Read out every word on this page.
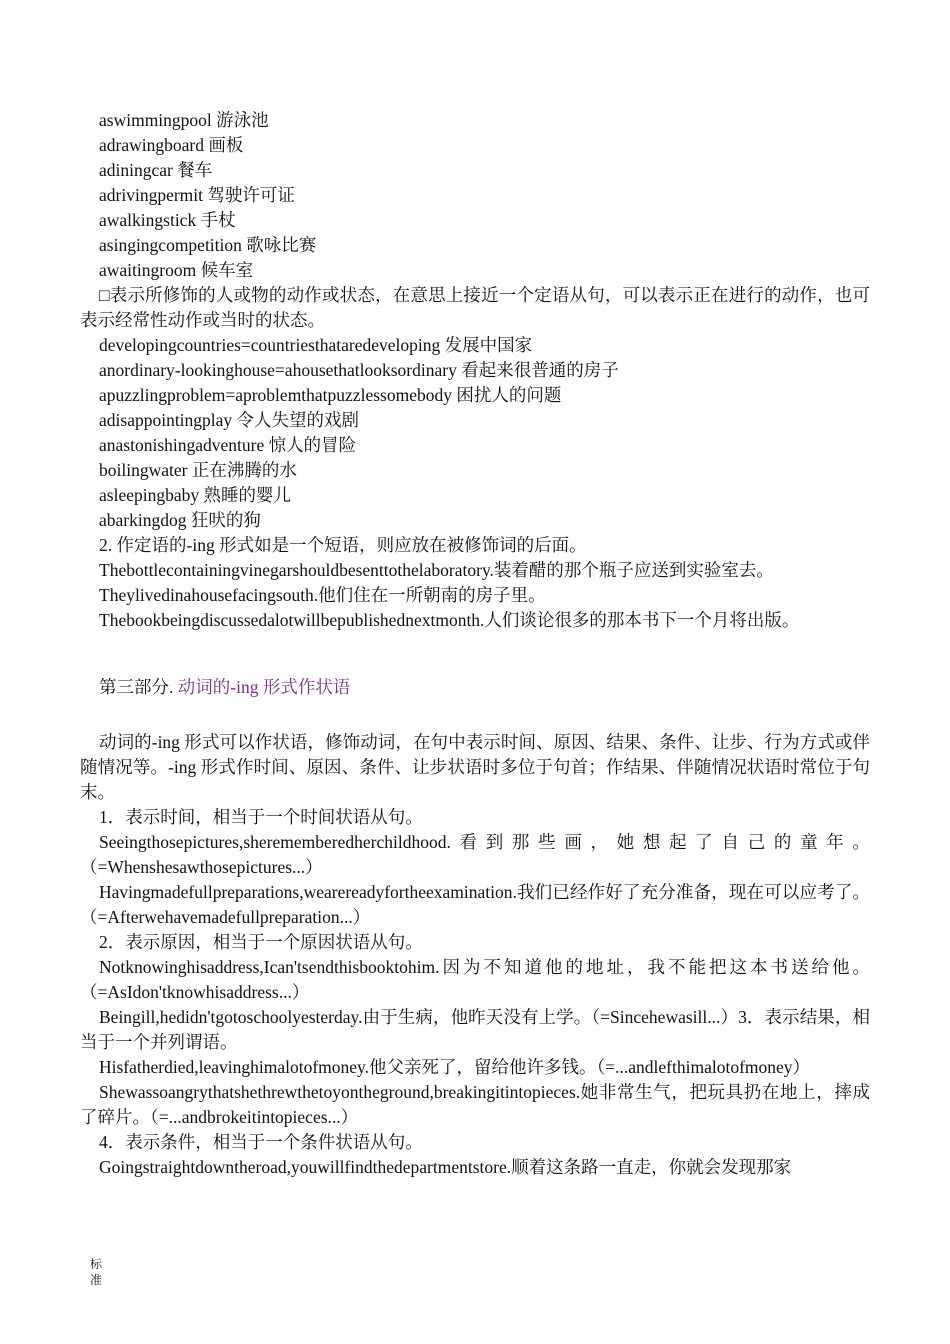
aswimmingpool 游泳池
adrawingboard 画板
adiningcar 餐车
adrivingpermit 驾驶许可证
awalkingstick 手杖
asingingcompetition 歌咏比赛
awaitingroom 候车室
□表示所修饰的人或物的动作或状态，在意思上接近一个定语从句，可以表示正在进行的动作，也可表示经常性动作或当时的状态。
developingcountries=countriesthataredeveloping 发展中国家
anordinary-lookinghouse=ahousethatlooksordinary 看起来很普通的房子
apuzzlingproblem=aproblemthatpuzzlessomebody 困扰人的问题
adisappointingplay 令人失望的戏剧
anastonishingadventure 惊人的冒险
boilingwater 正在沸腾的水
asleepingbaby 熟睡的婴儿
abarkingdog 狂吠的狗
2. 作定语的-ing 形式如是一个短语，则应放在被修饰词的后面。
Thebottlecontainingvinegarshouldbesenttothelaboratory.装着醋的那个瓶子应送到实验室去。
Theylivedinahousefacingsouth.他们住在一所朝南的房子里。
Thebookbeingdiscussedalotwillbepublishednextmonth.人们谈论很多的那本书下一个月将出版。
第三部分. 动词的-ing 形式作状语
动词的-ing 形式可以作状语，修饰动词，在句中表示时间、原因、结果、条件、让步、行为方式或伴随情况等。-ing 形式作时间、原因、条件、让步状语时多位于句首；作结果、伴随情况状语时常位于句末。
1．表示时间，相当于一个时间状语从句。
Seeingthosepictures,sherememberedherchildhood.看到那些画，她想起了自己的童年。（=Whenshesawthosepictures...）
Havingmadefullpreparations,wearereadyfortheexamination.我们已经作好了充分准备，现在可以应考了。（=Afterwehavemadefullpreparation...）
2．表示原因，相当于一个原因状语从句。
Notknowinghisaddress,Ican'tsendthisbooktohim.因为不知道他的地址，我不能把这本书送给他。（=AsIdon'tknowhisaddress...）
Beingill,hedidn'tgotoschoolyesterday.由于生病，他昨天没有上学。（=Sincehewasill...）3．表示结果，相当于一个并列谓语。
Hisfatherdied,leavinghimalotofmoney.他父亲死了，留给他许多钱。（=...andlefthimalotofmoney）
Shewassoangrythatshethrewthetoyontheground,breakingitintopieces.她非常生气，把玩具扔在地上，摔成了碎片。（=...andbrokeitintopieces...）
4．表示条件，相当于一个条件状语从句。
Goingstraightdowntheroad,youwillfindthedepartmentstore.顺着这条路一直走，你就会发现那家
标准
